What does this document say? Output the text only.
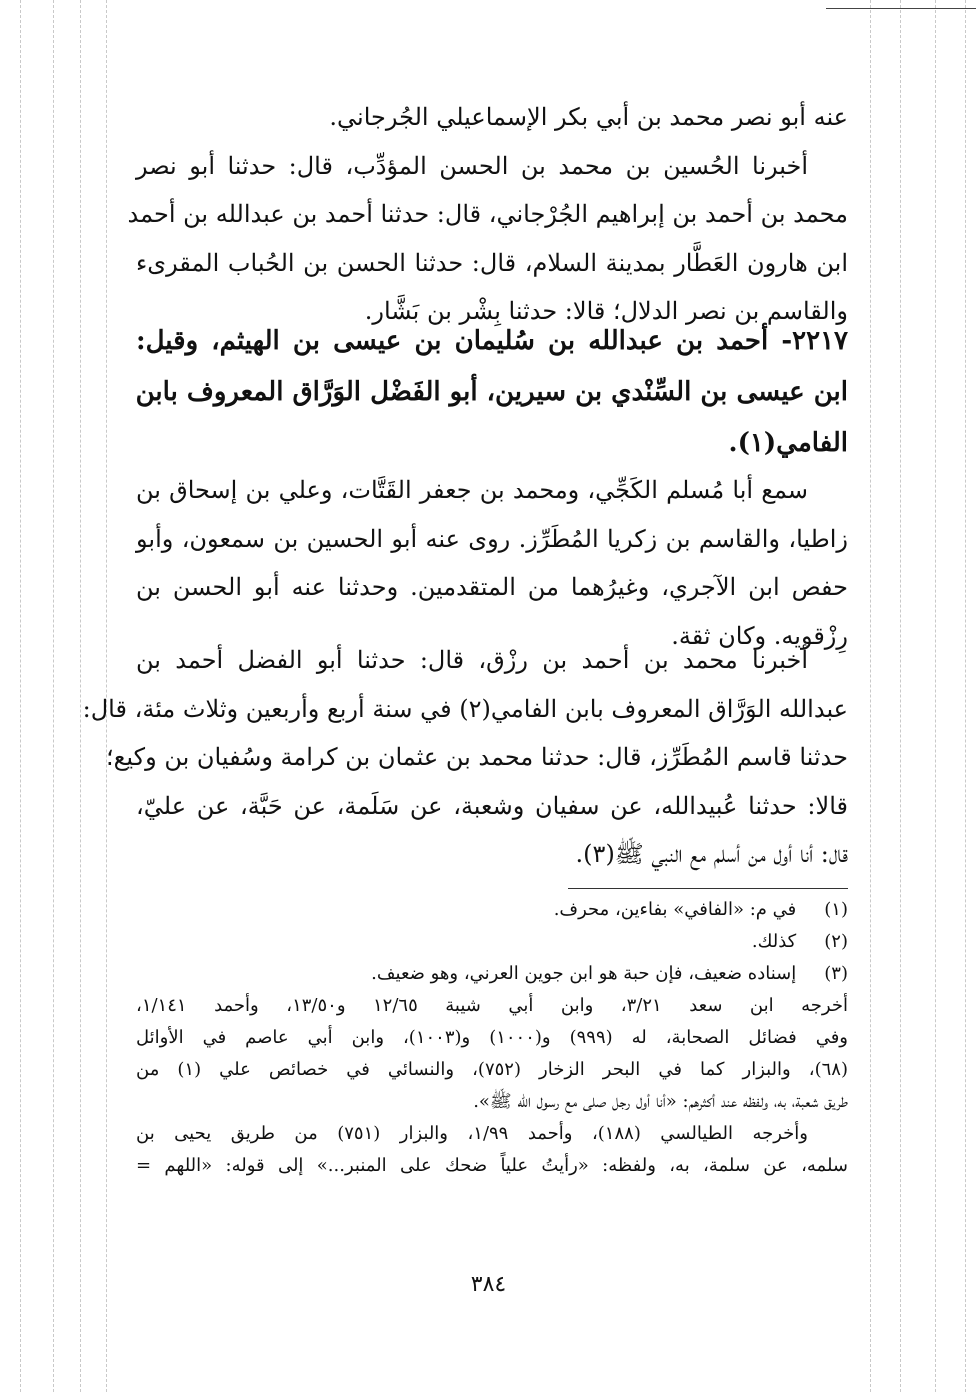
عنه أبو نصر محمد بن أبي بكر الإسماعيلي الجُرجاني.
أخبرنا الحُسين بن محمد بن الحسن المؤدِّب، قال: حدثنا أبو نصر
محمد بن أحمد بن إبراهيم الجُرْجاني، قال: حدثنا أحمد بن عبدالله بن أحمد
ابن هارون العَطَّار بمدينة السلام، قال: حدثنا الحسن بن الحُباب المقرىء
والقاسم بن نصر الدلال؛ قالا: حدثنا بِشْر بن بَشَّار.
٢٢١٧- أحمد بن عبدالله بن سُليمان بن عيسى بن الهيثم، وقيل:
ابن عيسى بن السِّنْدي بن سيرين، أبو الفَضْل الوَرَّاق المعروف بابن
الفامي(١).
سمع أبا مُسلم الكَجِّي، ومحمد بن جعفر القَتَّات، وعلي بن إسحاق بن
زاطيا، والقاسم بن زكريا المُطَرِّز. روى عنه أبو الحسين بن سمعون، وأبو
حفص ابن الآجري، وغيرُهما من المتقدمين. وحدثنا عنه أبو الحسن بن
رِزْقويه. وكان ثقة.
أخبرنا محمد بن أحمد بن رزْق، قال: حدثنا أبو الفضل أحمد بن
عبدالله الوَرَّاق المعروف بابن الفامي(٢) في سنة أربع وأربعين وثلاث مئة، قال:
حدثنا قاسم المُطَرِّز، قال: حدثنا محمد بن عثمان بن كرامة وسُفيان بن وكيع؛
قالا: حدثنا عُبيدالله، عن سفيان وشعبة، عن سَلَمة، عن حَبَّة، عن عليّ،
قال: أنا أول من أسلم مع النبي ﷺ(٣).
(١) في م: «الفافي» بفاءين، محرف.
(٢) كذلك.
(٣) إسناده ضعيف، فإن حبة هو ابن جوين العرني، وهو ضعيف.
أخرجه ابن سعد ٣/٢١، وابن أبي شيبة ١٢/٦٥ و١٣/٥٠، وأحمد ١/١٤١،
وفي فضائل الصحابة، له (٩٩٩) و(١٠٠٠) و(١٠٠٣)، وابن أبي عاصم في الأوائل
(٦٨)، والبزار كما في البحر الزخار (٧٥٢)، والنسائي في خصائص علي (١) من
طريق شعبة، به، ولفظه عند أكثرهم: «أنا أول رجل صلى مع رسول الله ﷺ».
وأخرجه الطيالسي (١٨٨)، وأحمد ١/٩٩، والبزار (٧٥١) من طريق يحيى بن
سلمه، عن سلمة، به، ولفظه: «رأيتُ علياً ضحك على المنبر...» إلى قوله: «اللهم =
٣٨٤
